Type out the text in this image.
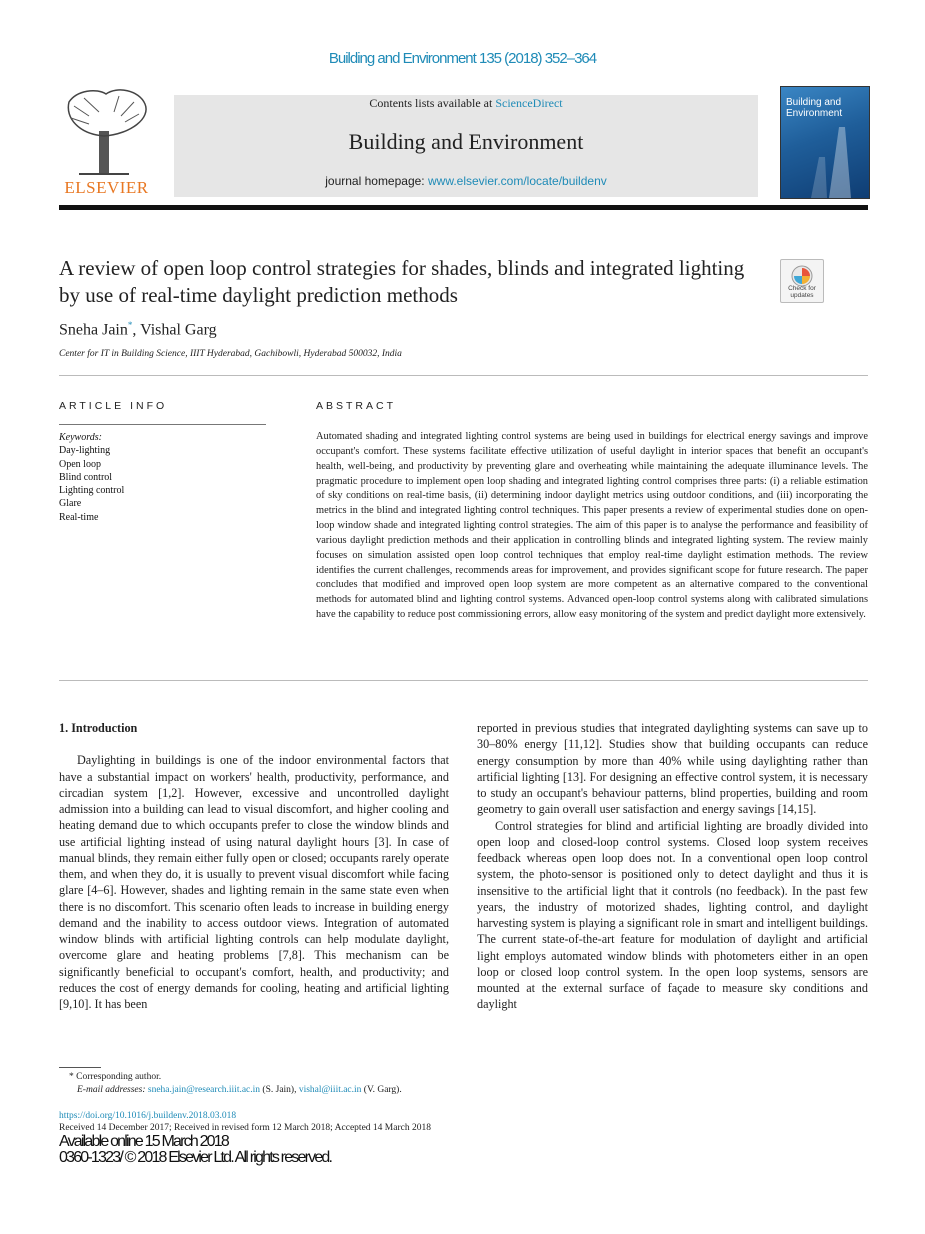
Building and Environment 135 (2018) 352–364
ELSEVIER
Contents lists available at ScienceDirect
Building and Environment
journal homepage: www.elsevier.com/locate/buildenv
Building and Environment
A review of open loop control strategies for shades, blinds and integrated lighting by use of real-time daylight prediction methods	Check for updates
Sneha Jain*, Vishal Garg
Center for IT in Building Science, IIIT Hyderabad, Gachibowli, Hyderabad 500032, India
ARTICLE INFO	ABSTRACT
Keywords:
Day-lighting
Open loop
Blind control
Lighting control
Glare
Real-time
Automated shading and integrated lighting control systems are being used in buildings for electrical energy savings and improve occupant's comfort. These systems facilitate effective utilization of useful daylight in interior spaces that benefit an occupant's health, well-being, and productivity by preventing glare and overheating while maintaining the adequate illuminance levels. The pragmatic procedure to implement open loop shading and integrated lighting control comprises three parts: (i) a reliable estimation of sky conditions on real-time basis, (ii) determining indoor daylight metrics using outdoor conditions, and (iii) incorporating the metrics in the blind and integrated lighting control techniques. This paper presents a review of experimental studies done on open-loop window shade and integrated lighting control strategies. The aim of this paper is to analyse the performance and feasibility of various daylight prediction methods and their application in controlling blinds and integrated lighting system. The review mainly focuses on simulation assisted open loop control techniques that employ real-time daylight estimation methods. The review identifies the current challenges, recommends areas for improvement, and provides significant scope for future research. The paper concludes that modified and improved open loop system are more competent as an alternative compared to the conventional methods for automated blind and lighting control systems. Advanced open-loop control systems along with calibrated simulations have the capability to reduce post commissioning errors, allow easy monitoring of the system and predict daylight more extensively.
1. Introduction

Daylighting in buildings is one of the indoor environmental factors that have a substantial impact on workers' health, productivity, performance, and circadian system [1,2]. However, excessive and uncontrolled daylight admission into a building can lead to visual discomfort, and higher cooling and heating demand due to which occupants prefer to close the window blinds and use artificial lighting instead of using natural daylight hours [3]. In case of manual blinds, they remain either fully open or closed; occupants rarely operate them, and when they do, it is usually to prevent visual discomfort while facing glare [4–6]. However, shades and lighting remain in the same state even when there is no discomfort. This scenario often leads to increase in building energy demand and the inability to access outdoor views. Integration of automated window blinds with artificial lighting controls can help modulate daylight, overcome glare and heating problems [7,8]. This mechanism can be significantly beneficial to occupant's comfort, health, and productivity; and reduces the cost of energy demands for cooling, heating and artificial lighting [9,10]. It has been

reported in previous studies that integrated daylighting systems can save up to 30–80% energy [11,12]. Studies show that building occupants can reduce energy consumption by more than 40% while using daylighting rather than artificial lighting [13]. For designing an effective control system, it is necessary to study an occupant's behaviour patterns, blind properties, building and room geometry to gain overall user satisfaction and energy savings [14,15].

Control strategies for blind and artificial lighting are broadly divided into open loop and closed-loop control systems. Closed loop system receives feedback whereas open loop does not. In a conventional open loop control system, the photo-sensor is positioned only to detect daylight and thus it is insensitive to the artificial light that it controls (no feedback). In the past few years, the industry of motorized shades, lighting control, and daylight harvesting system is playing a significant role in smart and intelligent buildings. The current state-of-the-art feature for modulation of daylight and artificial light employs automated window blinds with photometers either in an open loop or closed loop control system. In the open loop systems, sensors are mounted at the external surface of façade to measure sky conditions and daylight

* Corresponding author.
E-mail addresses: sneha.jain@research.iiit.ac.in (S. Jain), vishal@iiit.ac.in (V. Garg).
https://doi.org/10.1016/j.buildenv.2018.03.018
Received 14 December 2017; Received in revised form 12 March 2018; Accepted 14 March 2018
Available online 15 March 2018
0360-1323/ © 2018 Elsevier Ltd. All rights reserved.
